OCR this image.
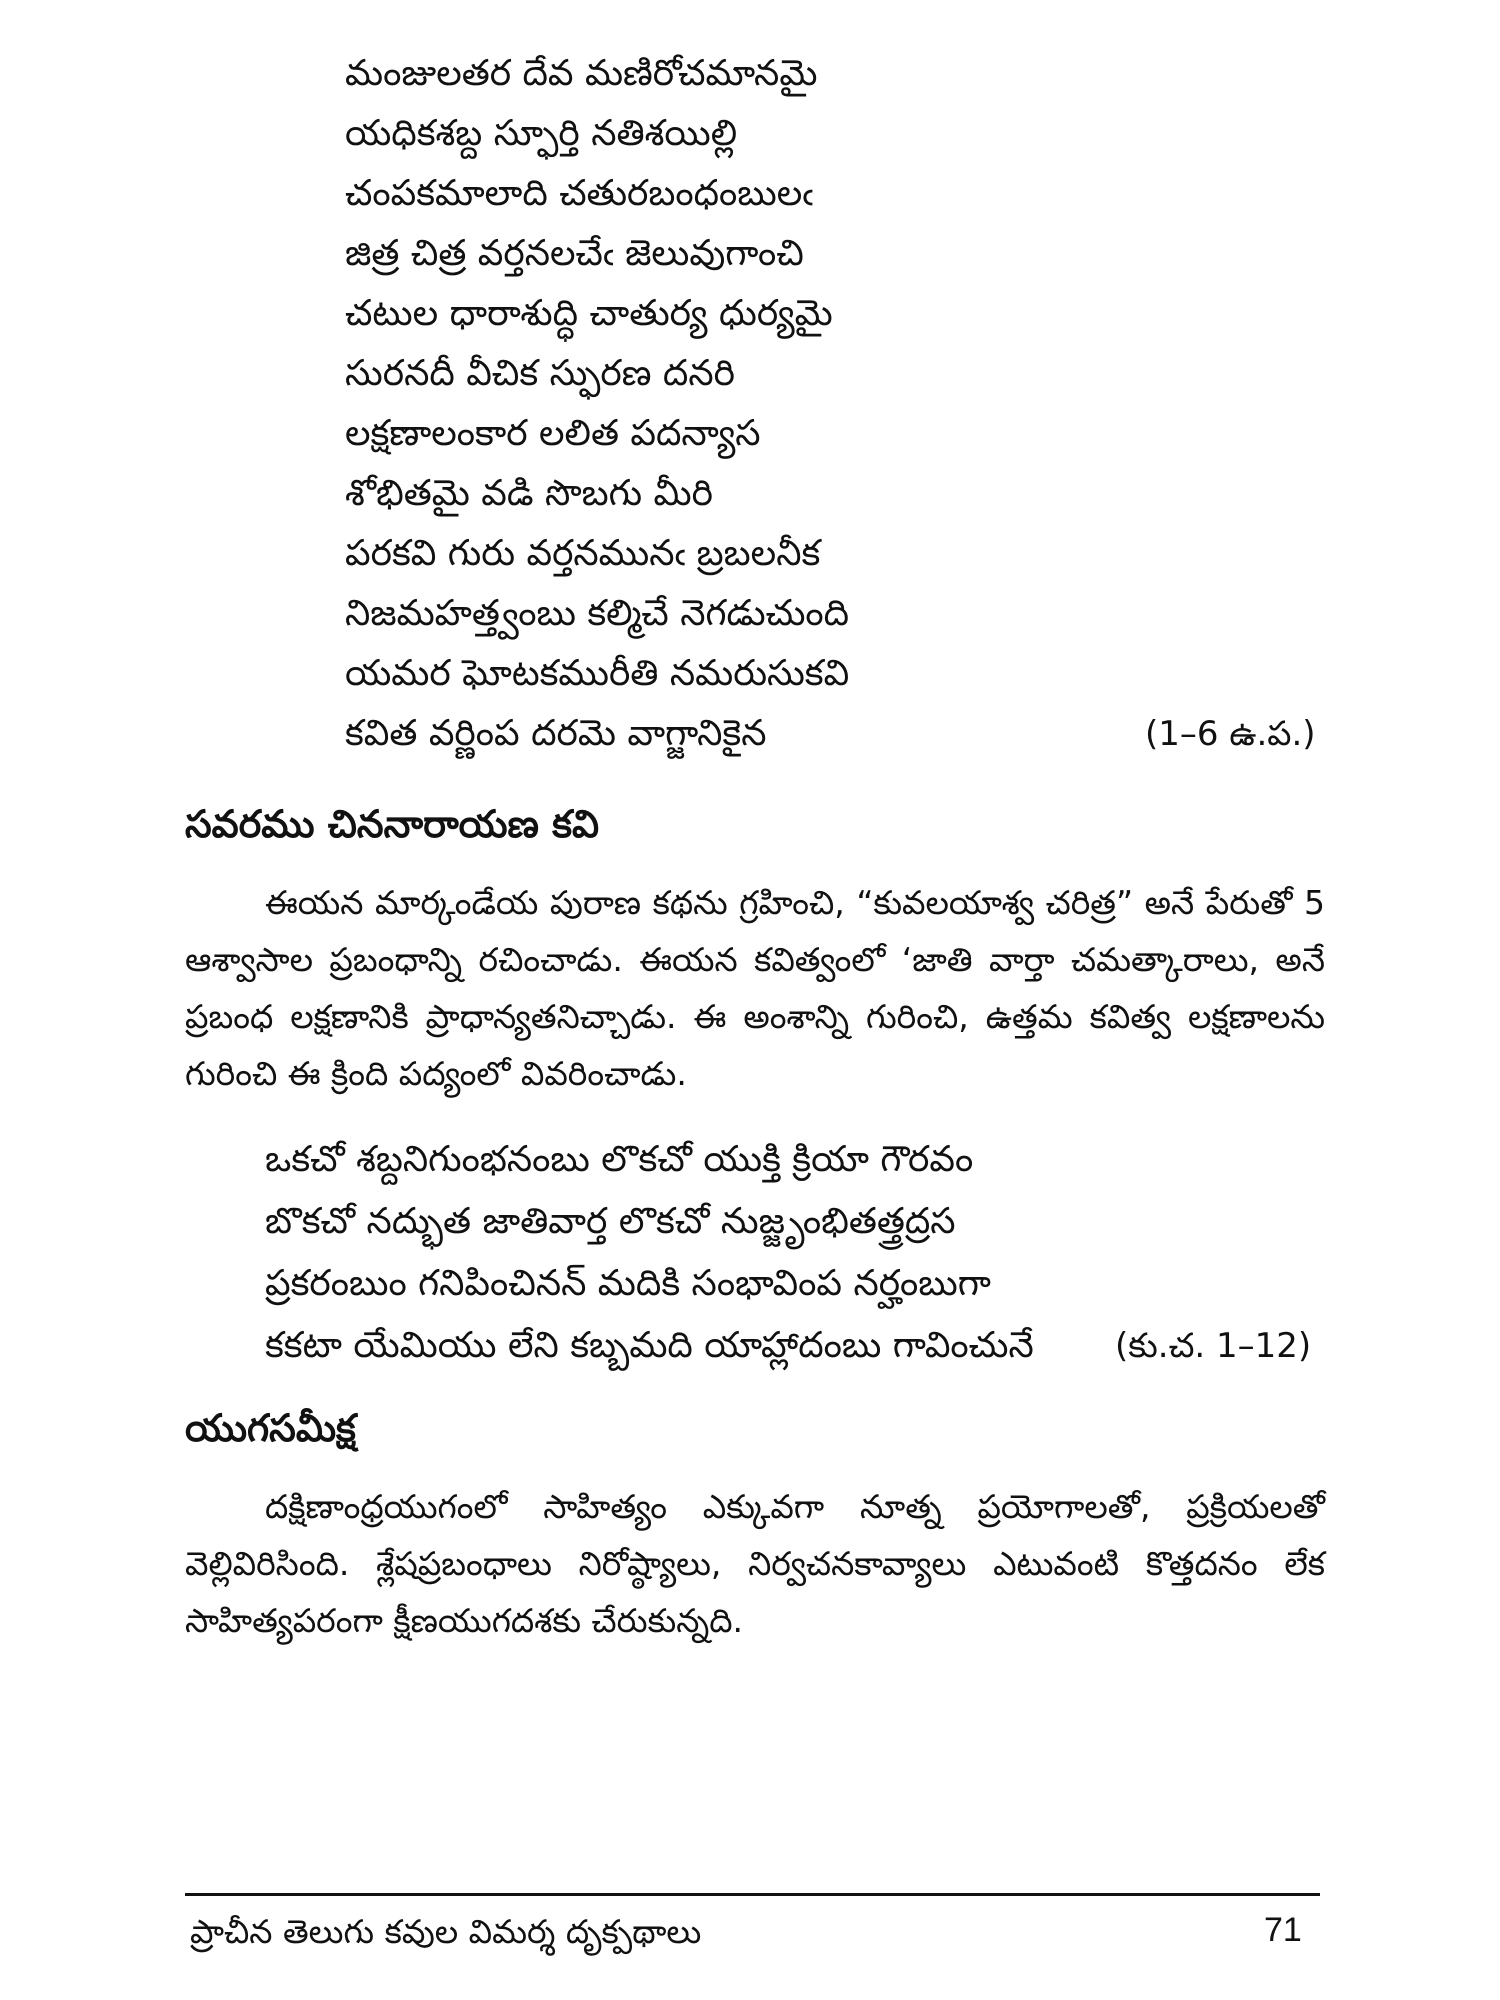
మంజులతర దేవ మణిరోచమానమై
యధికశబ్ద స్ఫూర్తి నతిశయిల్లి
చంపకమాలాది చతురబంధంబులఁ
జిత్ర చిత్ర వర్తనలచేఁ జెలువుగాంచి
చటుల ధారాశుద్ధి చాతుర్య ధుర్యమై
సురనదీ వీచిక స్ఫురణ దనరి
లక్షణాలంకార లలిత పదన్యాస
శోభితమై వడి సొబగు మీరి
పరకవి గురు వర్తనమునఁ బ్రబలనీక
నిజమహత్త్వంబు కల్మిచే నెగడుచుంది
యమర ఘోటకమురీతి నమరుసుకవి
కవిత వర్ణింప దరమె వాగ్జానికైన	(1–6 ఉ.ప.)
సవరము చిననారాయణ కవి
ఈయన మార్కండేయ పురాణ కథను గ్రహించి, “కువలయాశ్వ చరిత్ర” అనే పేరుతో 5 ఆశ్వాసాల ప్రబంధాన్ని రచించాడు. ఈయన కవిత్వంలో ‘జాతి వార్తా చమత్కారాలు, అనే ప్రబంధ లక్షణానికి ప్రాధాన్యతనిచ్చాడు. ఈ అంశాన్ని గురించి, ఉత్తమ కవిత్వ లక్షణాలను గురించి ఈ క్రింది పద్యంలో వివరించాడు.
ఒకచో శబ్దనిగుంభనంబు లొకచో యుక్తి క్రియా గౌరవం
బొకచో నద్భుత జాతివార్త లొకచో నుజ్జృంభితత్త్రద్రస
ప్రకరంబుం గనిపించినన్ మదికి సంభావింప నర్హంబుగా
కకటా యేమియు లేని కబ్బమది యాహ్లాదంబు గావించునే (కు.చ. 1–12)
యుగసమీక్ష
దక్షిణాంధ్రయుగంలో సాహిత్యం ఎక్కువగా నూత్న ప్రయోగాలతో, ప్రక్రియలతో వెల్లివిరిసింది. శ్లేషప్రబంధాలు నిరోష్ఠ్యాలు, నిర్వచనకావ్యాలు ఎటువంటి కొత్తదనం లేక సాహిత్యపరంగా క్షీణయుగదశకు చేరుకున్నది.
ప్రాచీన తెలుగు కవుల విమర్శ దృక్పథాలు	71
